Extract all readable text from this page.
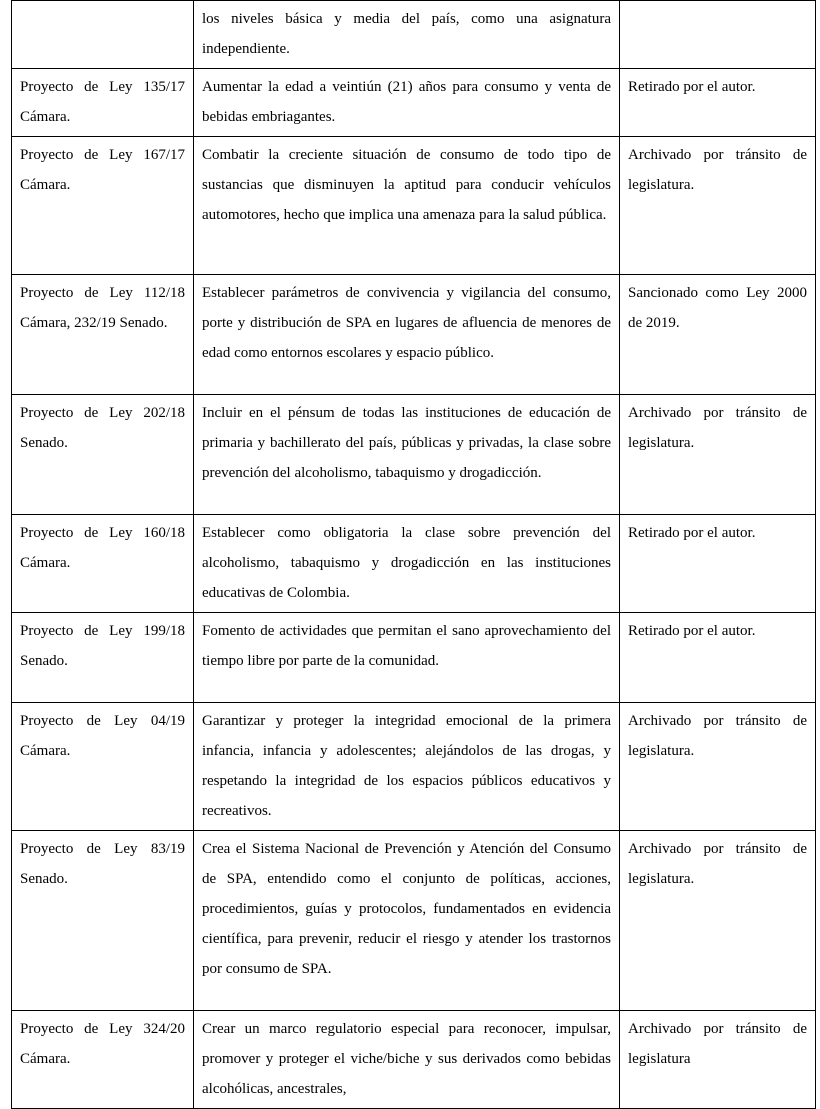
	los niveles básica y media del país, como una asignatura independiente.	

Proyecto de Ley 135/17 Cámara.	Aumentar la edad a veintiún (21) años para consumo y venta de bebidas embriagantes.	Retirado por el autor.

Proyecto de Ley 167/17 Cámara.	Combatir la creciente situación de consumo de todo tipo de sustancias que disminuyen la aptitud para conducir vehículos automotores, hecho que implica una amenaza para la salud pública.	Archivado por tránsito de legislatura.

Proyecto de Ley 112/18 Cámara, 232/19 Senado.	Establecer parámetros de convivencia y vigilancia del consumo, porte y distribución de SPA en lugares de afluencia de menores de edad como entornos escolares y espacio público.	Sancionado como Ley 2000 de 2019.

Proyecto de Ley 202/18 Senado.	Incluir en el pénsum de todas las instituciones de educación de primaria y bachillerato del país, públicas y privadas, la clase sobre prevención del alcoholismo, tabaquismo y drogadicción.	Archivado por tránsito de legislatura.

Proyecto de Ley 160/18 Cámara.	Establecer como obligatoria la clase sobre prevención del alcoholismo, tabaquismo y drogadicción en las instituciones educativas de Colombia.	Retirado por el autor.

Proyecto de Ley 199/18 Senado.	Fomento de actividades que permitan el sano aprovechamiento del tiempo libre por parte de la comunidad.	Retirado por el autor.

Proyecto de Ley 04/19 Cámara.	Garantizar y proteger la integridad emocional de la primera infancia, infancia y adolescentes; alejándolos de las drogas, y respetando la integridad de los espacios públicos educativos y recreativos.	Archivado por tránsito de legislatura.

Proyecto de Ley 83/19 Senado.	Crea el Sistema Nacional de Prevención y Atención del Consumo de SPA, entendido como el conjunto de políticas, acciones, procedimientos, guías y protocolos, fundamentados en evidencia científica, para prevenir, reducir el riesgo y atender los trastornos por consumo de SPA.	Archivado por tránsito de legislatura.

Proyecto de Ley 324/20 Cámara.	Crear un marco regulatorio especial para reconocer, impulsar, promover y proteger el viche/biche y sus derivados como bebidas alcohólicas, ancestrales,	Archivado por tránsito de legislatura
